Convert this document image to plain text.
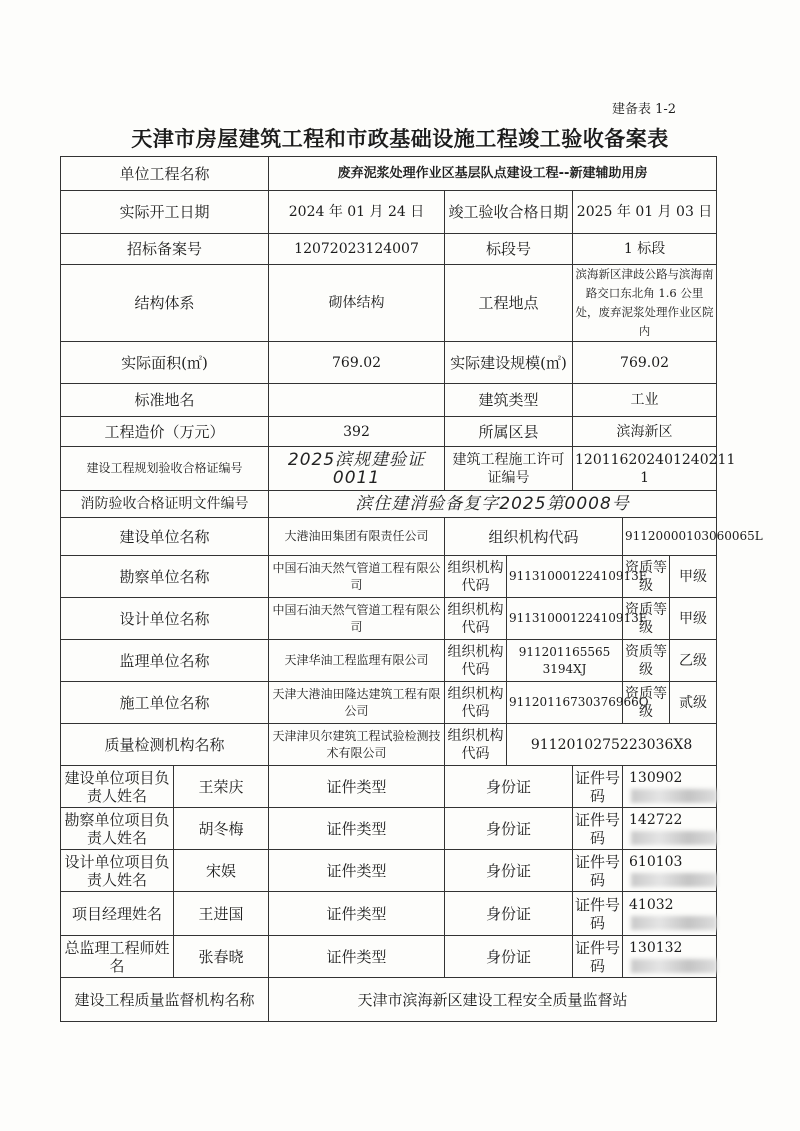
建备表 1-2
天津市房屋建筑工程和市政基础设施工程竣工验收备案表
单位工程名称		废弃泥浆处理作业区基层队点建设工程--新建辅助用房					
实际开工日期		2024 年 01 月 24 日	竣工验收合格日期		2025 年 01 月 03 日		
招标备案号		12072023124007	标段号		1 标段		
结构体系		砌体结构	工程地点		滨海新区津歧公路与滨海南路交口东北角 1.6 公里处，废弃泥浆处理作业区院内		
实际面积(㎡)		769.02	实际建设规模(㎡)		769.02		
标准地名			建筑类型		工业		
工程造价（万元）		392	所属区县		滨海新区		
建设工程规划验收合格证编号		2025滨规建验证0011	建筑工程施工许可证编号		120116202401240211​1		
消防验收合格证明文件编号		滨住建消验备复字2025第0008号					
建设单位名称		大港油田集团有限责任公司	组织机构代码			91120000103060065L	
勘察单位名称		中国石油天然气管道工程有限公司	组织机构代码	91131000122410913E		资质等级	甲级
设计单位名称		中国石油天然气管道工程有限公司	组织机构代码	91131000122410913E		资质等级	甲级
监理单位名称		天津华油工程监理有限公司	组织机构代码	911201165565 3194XJ		资质等级	乙级
施工单位名称		天津大港油田隆达建筑工程有限公司	组织机构代码	91120116730376966Q		资质等级	贰级
质量检测机构名称		天津津贝尔建筑工程试验检测技术有限公司	组织机构代码	9112010275223036X8			
建设单位项目负责人姓名	王荣庆	证件类型	身份证		证件号码	130902	
勘察单位项目负责人姓名	胡冬梅	证件类型	身份证		证件号码	142722	
设计单位项目负责人姓名	宋娱	证件类型	身份证		证件号码	610103	
项目经理姓名	王进国	证件类型	身份证		证件号码	41032	
总监理工程师姓名	张春晓	证件类型	身份证		证件号码	130132	
建设工程质量监督机构名称		天津市滨海新区建设工程安全质量监督站					
